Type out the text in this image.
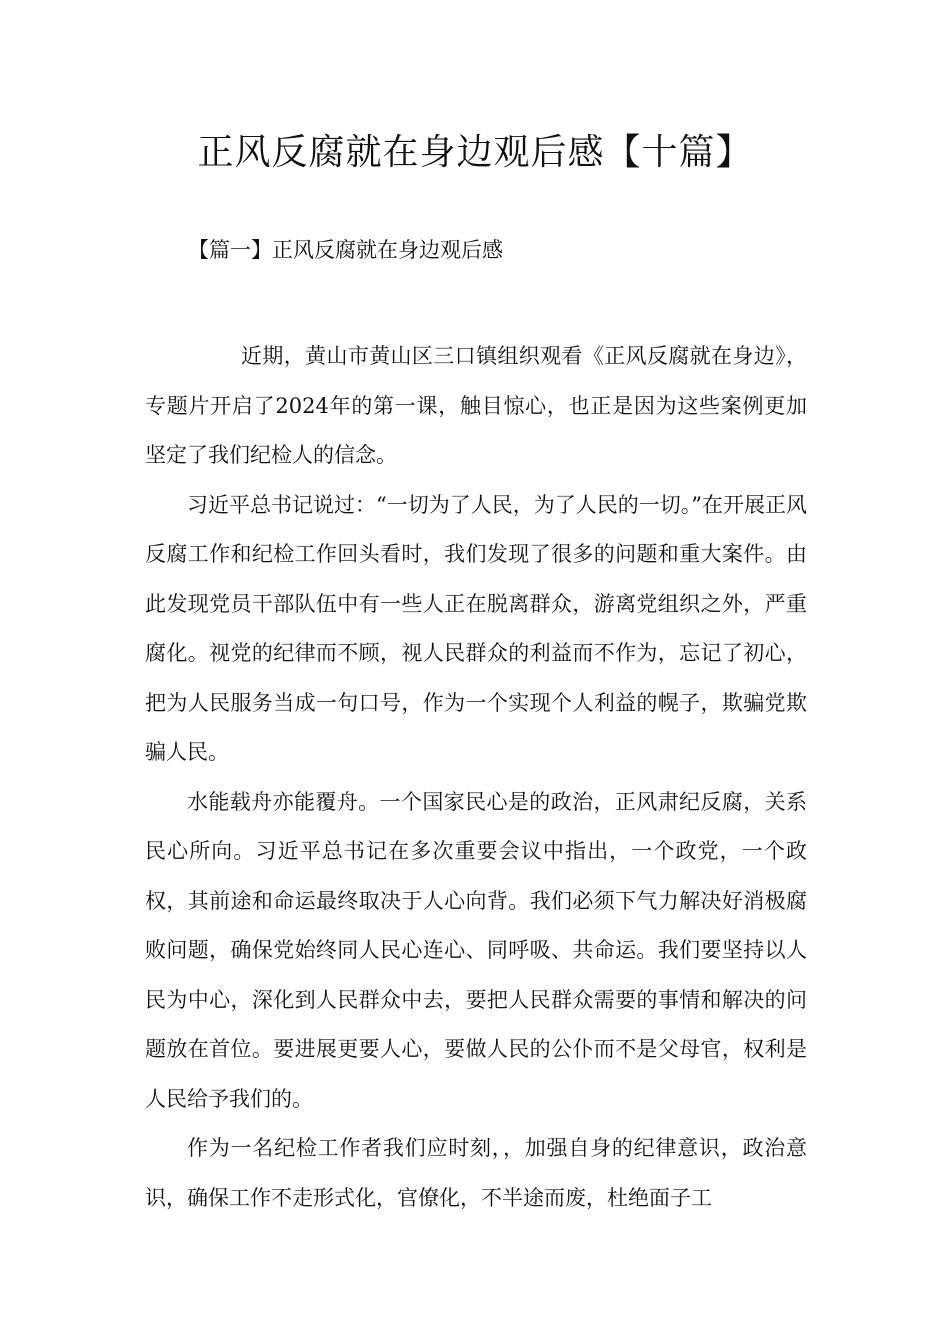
正风反腐就在身边观后感【十篇】
【篇一】正风反腐就在身边观后感

近期，黄山市黄山区三口镇组织观看《正风反腐就在身边》，专题片开启了2024年的第一课，触目惊心，也正是因为这些案例更加坚定了我们纪检人的信念。

习近平总书记说过：“一切为了人民，为了人民的一切。”在开展正风反腐工作和纪检工作回头看时，我们发现了很多的问题和重大案件。由此发现党员干部队伍中有一些人正在脱离群众，游离党组织之外，严重腐化。视党的纪律而不顾，视人民群众的利益而不作为，忘记了初心，把为人民服务当成一句口号，作为一个实现个人利益的幌子，欺骗党欺骗人民。

水能载舟亦能覆舟。一个国家民心是的政治，正风肃纪反腐，关系民心所向。习近平总书记在多次重要会议中指出，一个政党，一个政权，其前途和命运最终取决于人心向背。我们必须下气力解决好消极腐败问题，确保党始终同人民心连心、同呼吸、共命运。我们要坚持以人民为中心，深化到人民群众中去，要把人民群众需要的事情和解决的问题放在首位。要进展更要人心，要做人民的公仆而不是父母官，权利是人民给予我们的。

作为一名纪检工作者我们应时刻，，加强自身的纪律意识，政治意识，确保工作不走形式化，官僚化，不半途而废，杜绝面子工
